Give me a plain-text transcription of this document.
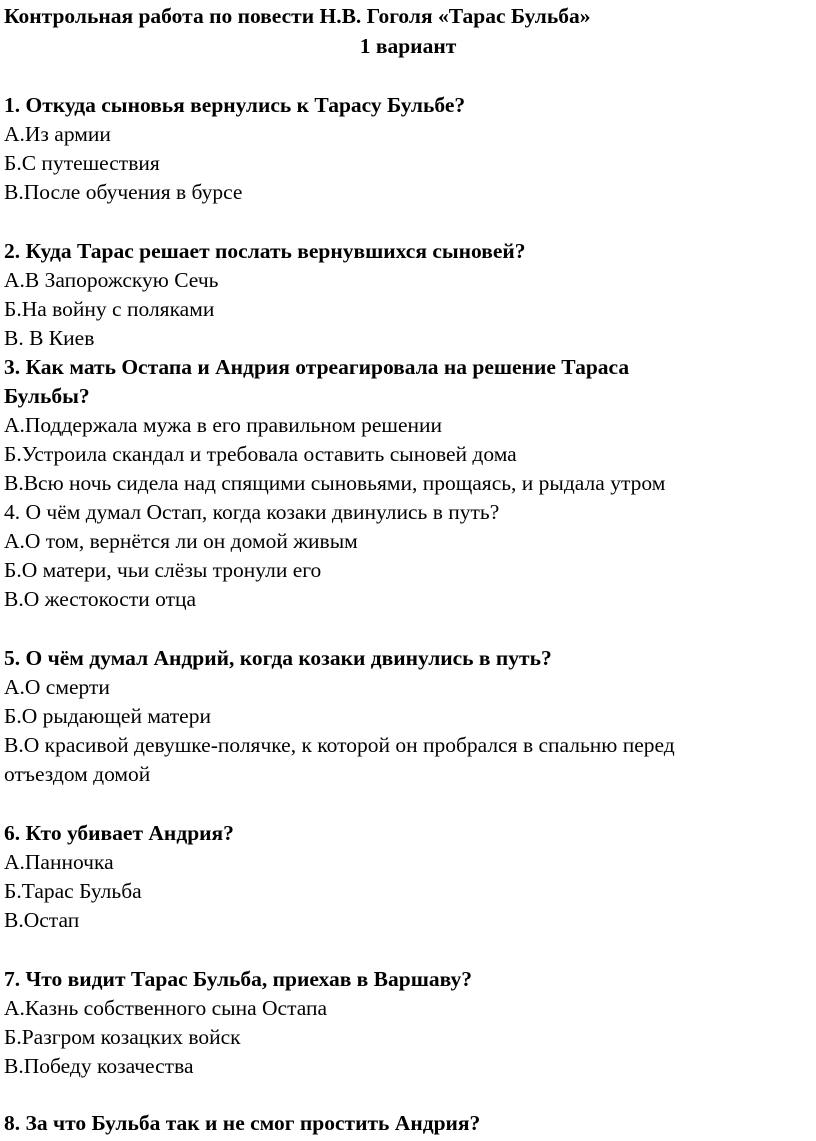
Контрольная работа по повести Н.В. Гоголя «Тарас Бульба»
1 вариант
1. Откуда сыновья вернулись к Тарасу Бульбе?
А.Из армии
Б.С путешествия
В.После обучения в бурсе
2. Куда Тарас решает послать вернувшихся сыновей?
А.В Запорожскую Сечь
Б.На войну с поляками
В. В Киев
3. Как мать Остапа и Андрия отреагировала на решение Тараса
Бульбы?
А.Поддержала мужа в его правильном решении
Б.Устроила скандал и требовала оставить сыновей дома
В.Всю ночь сидела над спящими сыновьями, прощаясь, и рыдала утром
4. О чём думал Остап, когда козаки двинулись в путь?
А.О том, вернётся ли он домой живым
Б.О матери, чьи слёзы тронули его
В.О жестокости отца
5. О чём думал Андрий, когда козаки двинулись в путь?
А.О смерти
Б.О рыдающей матери
В.О красивой девушке-полячке, к которой он пробрался в спальню перед
отъездом домой
6. Кто убивает Андрия?
А.Панночка
Б.Тарас Бульба
В.Остап
7. Что видит Тарас Бульба, приехав в Варшаву?
А.Казнь собственного сына Остапа
Б.Разгром козацких войск
В.Победу козачества
8. За что Бульба так и не смог простить Андрия?
